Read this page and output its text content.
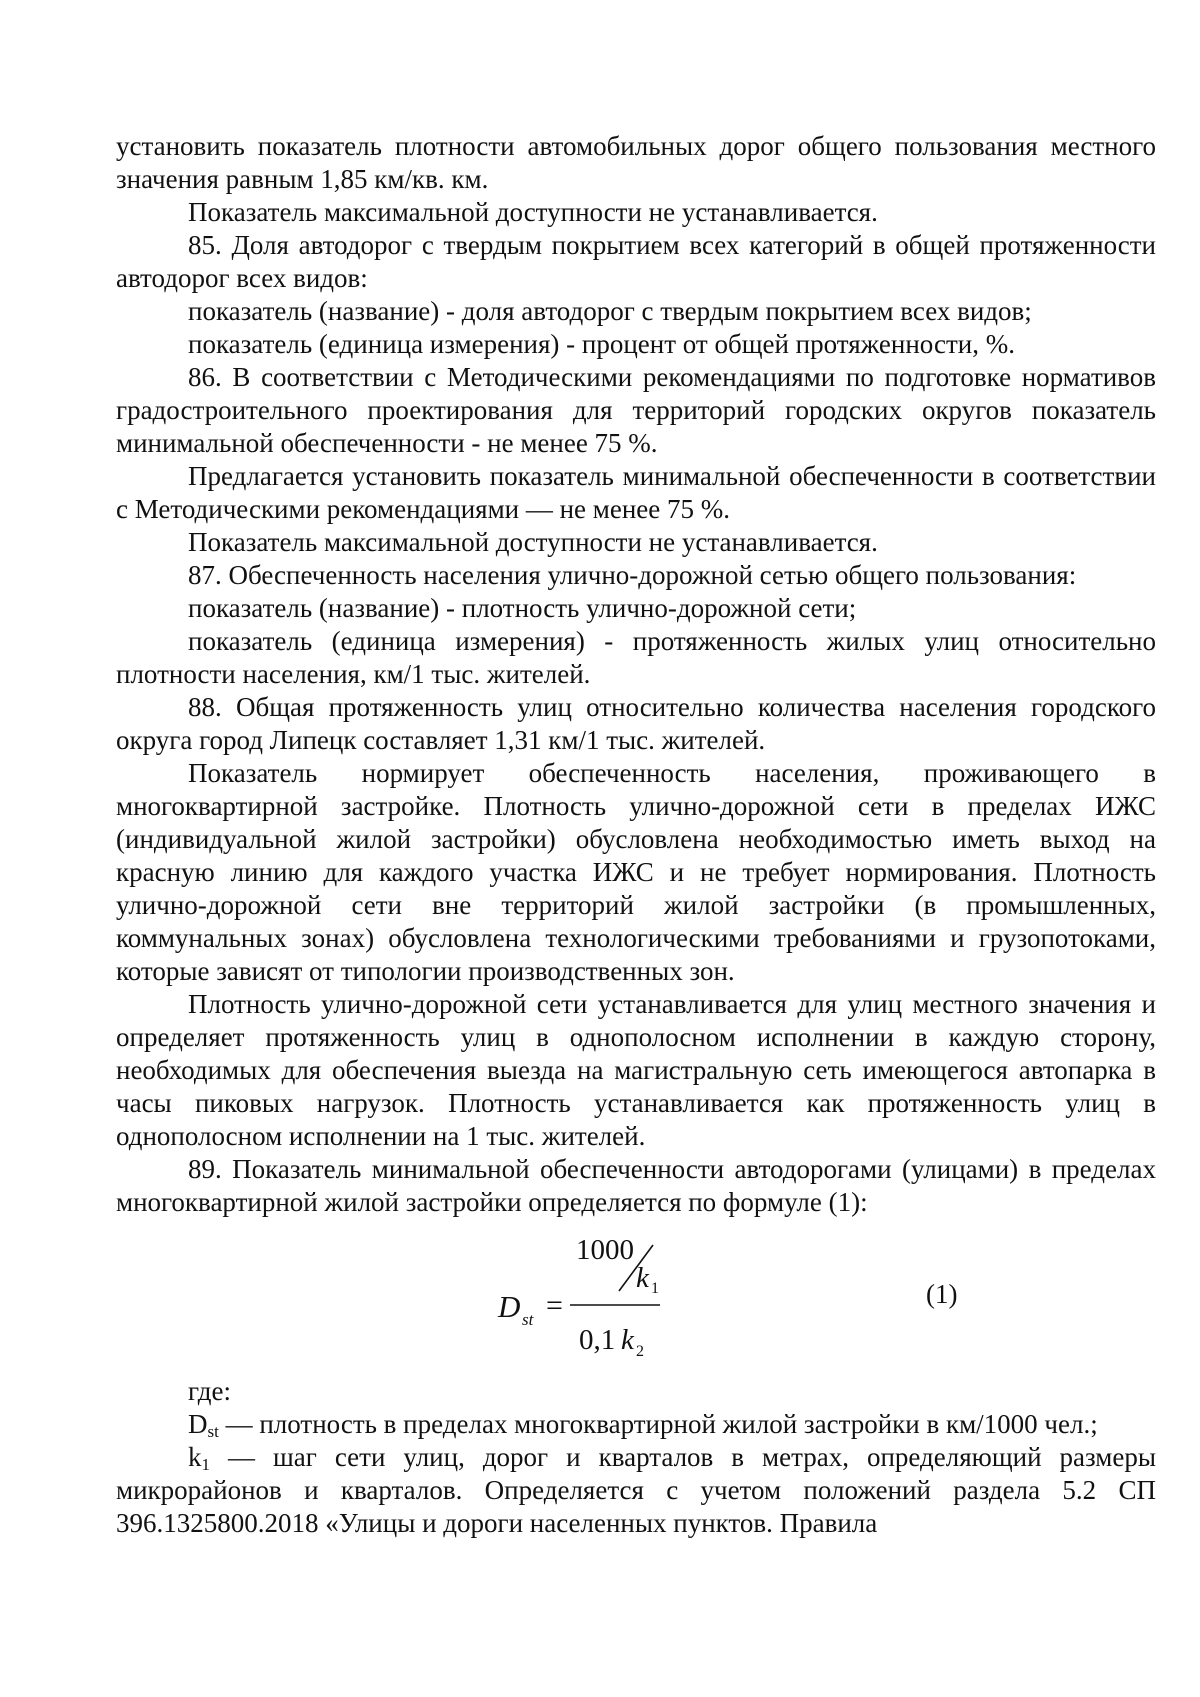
установить показатель плотности автомобильных дорог общего пользования местного значения равным 1,85 км/кв. км.

Показатель максимальной доступности не устанавливается.

85. Доля автодорог с твердым покрытием всех категорий в общей протяженности автодорог всех видов:

показатель (название) - доля автодорог с твердым покрытием всех видов;

показатель (единица измерения) - процент от общей протяженности, %.

86. В соответствии с Методическими рекомендациями по подготовке нормативов градостроительного проектирования для территорий городских округов показатель минимальной обеспеченности - не менее 75 %.

Предлагается установить показатель минимальной обеспеченности в соответствии с Методическими рекомендациями — не менее 75 %.

Показатель максимальной доступности не устанавливается.

87. Обеспеченность населения улично-дорожной сетью общего пользования:

показатель (название) - плотность улично-дорожной сети;

показатель (единица измерения) - протяженность жилых улиц относительно плотности населения, км/1 тыс. жителей.

88. Общая протяженность улиц относительно количества населения городского округа город Липецк составляет 1,31 км/1 тыс. жителей.

Показатель нормирует обеспеченность населения, проживающего в многоквартирной застройке. Плотность улично-дорожной сети в пределах ИЖС (индивидуальной жилой застройки) обусловлена необходимостью иметь выход на красную линию для каждого участка ИЖС и не требует нормирования. Плотность улично-дорожной сети вне территорий жилой застройки (в промышленных, коммунальных зонах) обусловлена технологическими требованиями и грузопотоками, которые зависят от типологии производственных зон.

Плотность улично-дорожной сети устанавливается для улиц местного значения и определяет протяженность улиц в однополосном исполнении в каждую сторону, необходимых для обеспечения выезда на магистральную сеть имеющегося автопарка в часы пиковых нагрузок. Плотность устанавливается как протяженность улиц в однополосном исполнении на 1 тыс. жителей.

89. Показатель минимальной обеспеченности автодорогами (улицами) в пределах многоквартирной жилой застройки определяется по формуле (1):

D st =
1000
k 1
0,1 k 2
(1)

где:

$D_{st}$ — плотность в пределах многоквартирной жилой застройки в км/1000 чел.;

$k_1$ — шаг сети улиц, дорог и кварталов в метрах, определяющий размеры микрорайонов и кварталов. Определяется с учетом положений раздела 5.2 СП 396.1325800.2018 «Улицы и дороги населенных пунктов. Правила
